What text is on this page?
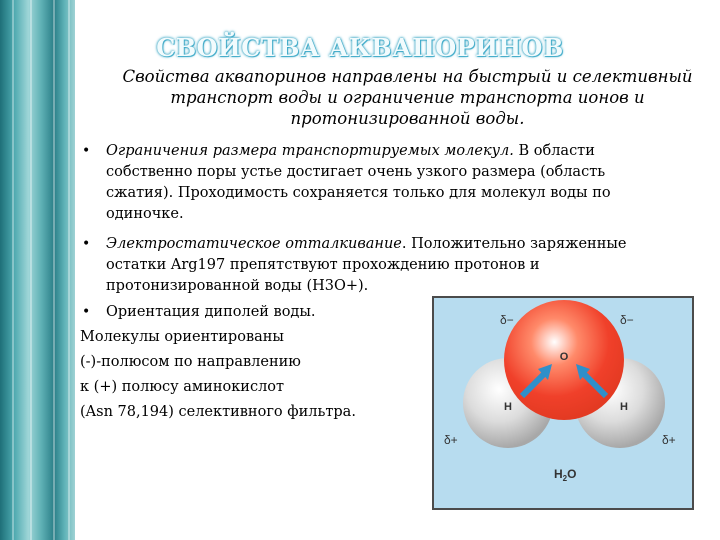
СВОЙСТВА АКВАПОРИНОВ

Свойства аквапоринов направлены на быстрый и селективный транспорт воды и ограничение транспорта ионов и протонизированной воды.

• Ограничения размера транспортируемых молекул. В области

собственно поры устье достигает очень узкого размера (область

сжатия). Проходимость сохраняется только для молекул воды по

одиночке.

• Электростатическое отталкивание. Положительно заряженные

остатки Arg197 препятствуют прохождению протонов и

протонизированной воды (H3O+).

• Ориентация диполей воды.

Молекулы ориентированы

(-)-полюсом по направлению

к (+) полюсу аминокислот

(Asn 78,194) селективного фильтра.

O
H	H
δ−	δ−
δ+	δ+
$H_2O$
